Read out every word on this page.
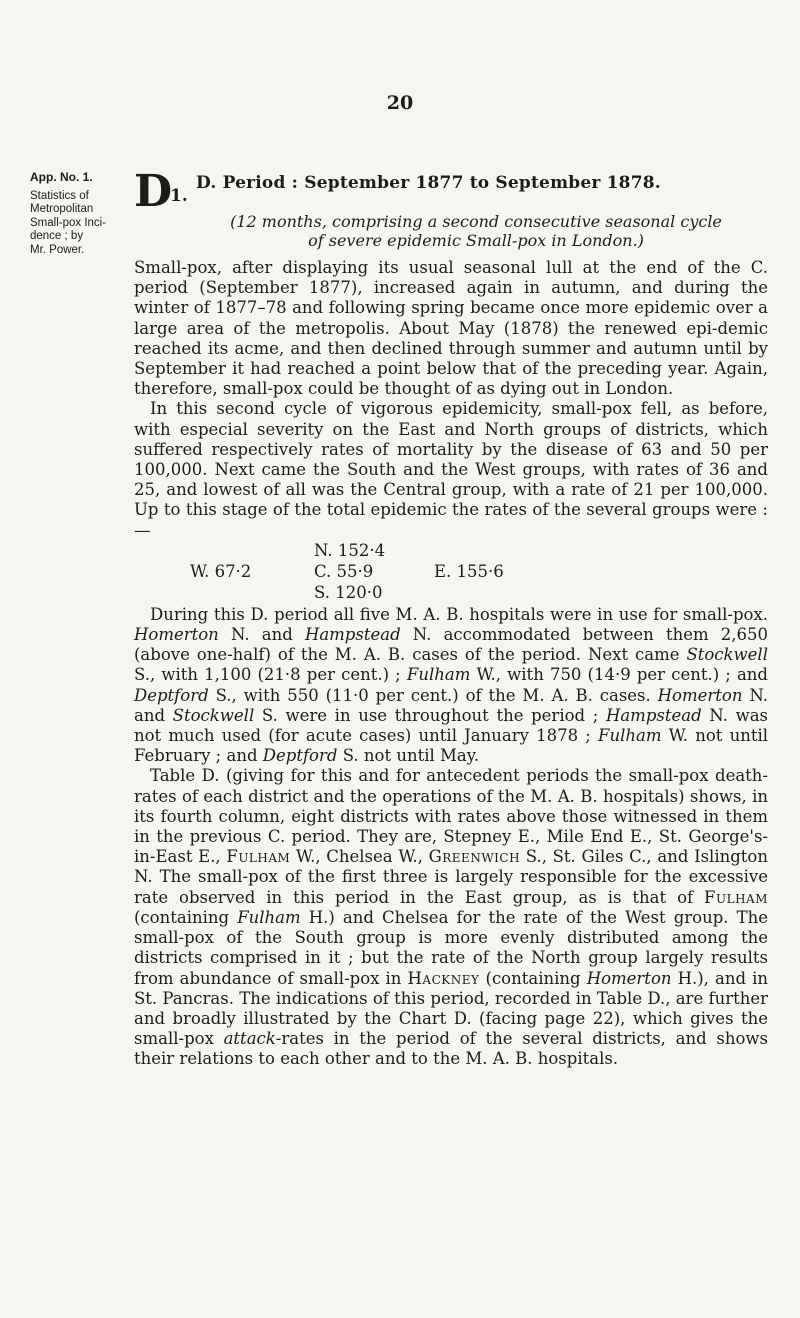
20
App. No. 1.
Statistics of
Metropolitan
Small-pox Inci-
dence ; by
Mr. Power.
D
1.
D. Period : September 1877 to September 1878.
(12 months, comprising a second consecutive seasonal cycle
of severe epidemic Small-pox in London.)

Small-pox, after displaying its usual seasonal lull at the end of the C. period (September 1877), increased again in autumn, and during the winter of 1877–78 and following spring became once more epidemic over a large area of the metropolis. About May (1878) the renewed epi-demic reached its acme, and then declined through summer and autumn until by September it had reached a point below that of the preceding year. Again, therefore, small-pox could be thought of as dying out in London.

In this second cycle of vigorous epidemicity, small-pox fell, as before, with especial severity on the East and North groups of districts, which suffered respectively rates of mortality by the disease of 63 and 50 per 100,000. Next came the South and the West groups, with rates of 36 and 25, and lowest of all was the Central group, with a rate of 21 per 100,000. Up to this stage of the total epidemic the rates of the several groups were :—

N. 152·4
W. 67·2	C. 55·9	E. 155·6
S. 120·0

During this D. period all five M. A. B. hospitals were in use for small-pox. Homerton N. and Hampstead N. accommodated between them 2,650 (above one-half) of the M. A. B. cases of the period. Next came Stockwell S., with 1,100 (21·8 per cent.) ; Fulham W., with 750 (14·9 per cent.) ; and Deptford S., with 550 (11·0 per cent.) of the M. A. B. cases. Homerton N. and Stockwell S. were in use throughout the period ; Hampstead N. was not much used (for acute cases) until January 1878 ; Fulham W. not until February ; and Deptford S. not until May.

Table D. (giving for this and for antecedent periods the small-pox death-rates of each district and the operations of the M. A. B. hospitals) shows, in its fourth column, eight districts with rates above those witnessed in them in the previous C. period. They are, Stepney E., Mile End E., St. George's-in-East E., Fulham W., Chelsea W., Greenwich S., St. Giles C., and Islington N. The small-pox of the first three is largely responsible for the excessive rate observed in this period in the East group, as is that of Fulham (containing Fulham H.) and Chelsea for the rate of the West group. The small-pox of the South group is more evenly distributed among the districts comprised in it ; but the rate of the North group largely results from abundance of small-pox in Hackney (containing Homerton H.), and in St. Pancras. The indications of this period, recorded in Table D., are further and broadly illustrated by the Chart D. (facing page 22), which gives the small-pox attack-rates in the period of the several districts, and shows their relations to each other and to the M. A. B. hospitals.
